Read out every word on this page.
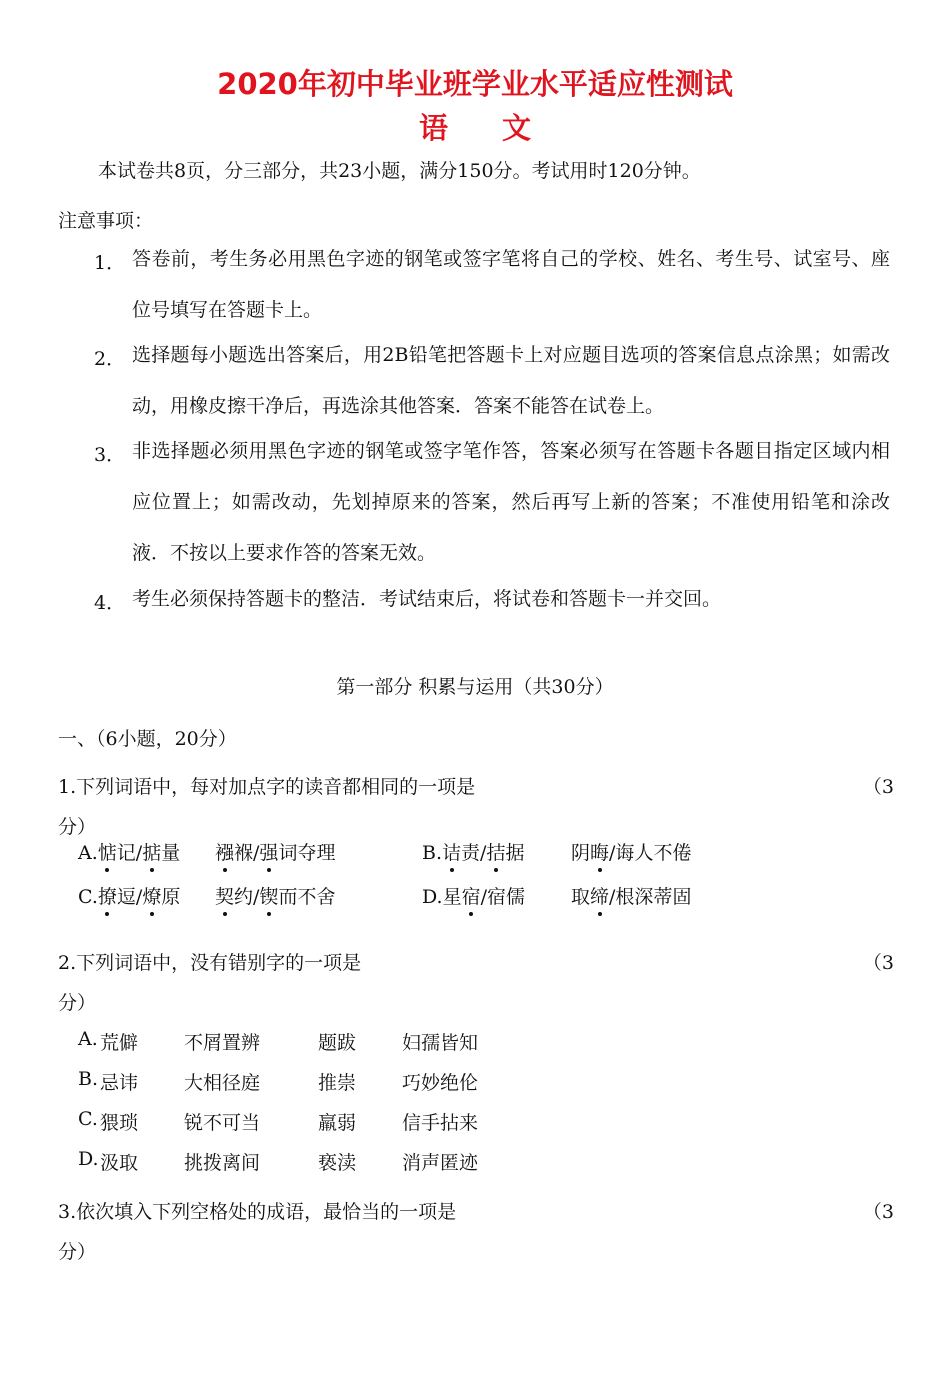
2020年初中毕业班学业水平适应性测试
语 文

本试卷共8页，分三部分，共23小题，满分150分。考试用时120分钟。

注意事项：

1． 答卷前，考生务必用黑色字迹的钢笔或签字笔将自己的学校、姓名、考生号、试室号、座位号填写在答题卡上。
2． 选择题每小题选出答案后，用2B铅笔把答题卡上对应题目选项的答案信息点涂黑；如需改动，用橡皮擦干净后，再选涂其他答案．答案不能答在试卷上。
3． 非选择题必须用黑色字迹的钢笔或签字笔作答，答案必须写在答题卡各题目指定区域内相应位置上；如需改动，先划掉原来的答案，然后再写上新的答案；不准使用铅笔和涂改液．不按以上要求作答的答案无效。
4． 考生必须保持答题卡的整洁．考试结束后，将试卷和答题卡一并交回。

第一部分 积累与运用（共30分）

一、（6小题，20分）

1.下列词语中，每对加点字的读音都相同的一项是	（3
分）
A.惦记/掂量 襁褓/强词夺理	B.诘责/拮据 阴晦/诲人不倦
C.撩逗/燎原 契约/锲而不舍	D.星宿/宿儒 取缔/根深蒂固
2.下列词语中，没有错别字的一项是	（3
分）
A. 荒僻 不屑置辨	题跋 妇孺皆知
B. 忌讳 大相径庭	推崇 巧妙绝伦
C. 猥琐 锐不可当	羸弱 信手拈来
D. 汲取 挑拨离间	亵渎 消声匿迹
3.依次填入下列空格处的成语，最恰当的一项是	（3
分）
